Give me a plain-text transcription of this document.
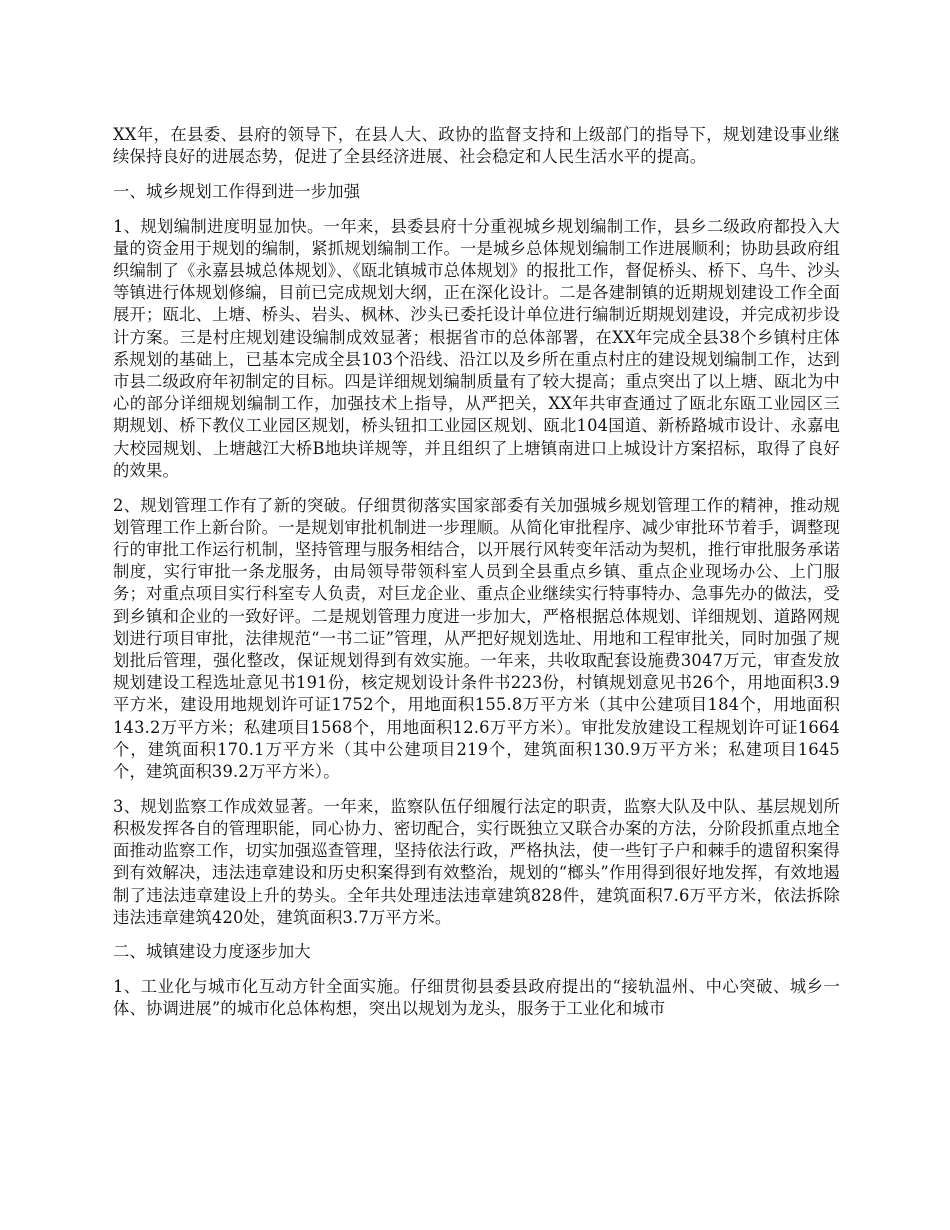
XX年，在县委、县府的领导下，在县人大、政协的监督支持和上级部门的指导下，规划建设事业继续保持良好的进展态势，促进了全县经济进展、社会稳定和人民生活水平的提高。

一、城乡规划工作得到进一步加强

1、规划编制进度明显加快。一年来，县委县府十分重视城乡规划编制工作，县乡二级政府都投入大量的资金用于规划的编制，紧抓规划编制工作。一是城乡总体规划编制工作进展顺利；协助县政府组织编制了《永嘉县城总体规划》、《瓯北镇城市总体规划》的报批工作，督促桥头、桥下、乌牛、沙头等镇进行体规划修编，目前已完成规划大纲，正在深化设计。二是各建制镇的近期规划建设工作全面展开；瓯北、上塘、桥头、岩头、枫林、沙头已委托设计单位进行编制近期规划建设，并完成初步设计方案。三是村庄规划建设编制成效显著；根据省市的总体部署，在XX年完成全县38个乡镇村庄体系规划的基础上，已基本完成全县103个沿线、沿江以及乡所在重点村庄的建设规划编制工作，达到市县二级政府年初制定的目标。四是详细规划编制质量有了较大提高；重点突出了以上塘、瓯北为中心的部分详细规划编制工作，加强技术上指导，从严把关，XX年共审查通过了瓯北东瓯工业园区三期规划、桥下教仪工业园区规划，桥头钮扣工业园区规划、瓯北104国道、新桥路城市设计、永嘉电大校园规划、上塘越江大桥B地块详规等，并且组织了上塘镇南进口上城设计方案招标，取得了良好的效果。

2、规划管理工作有了新的突破。仔细贯彻落实国家部委有关加强城乡规划管理工作的精神，推动规划管理工作上新台阶。一是规划审批机制进一步理顺。从简化审批程序、减少审批环节着手，调整现行的审批工作运行机制，坚持管理与服务相结合，以开展行风转变年活动为契机，推行审批服务承诺制度，实行审批一条龙服务，由局领导带领科室人员到全县重点乡镇、重点企业现场办公、上门服务；对重点项目实行科室专人负责，对巨龙企业、重点企业继续实行特事特办、急事先办的做法，受到乡镇和企业的一致好评。二是规划管理力度进一步加大，严格根据总体规划、详细规划、道路网规划进行项目审批，法律规范“一书二证”管理，从严把好规划选址、用地和工程审批关，同时加强了规划批后管理，强化整改，保证规划得到有效实施。一年来，共收取配套设施费3047万元，审查发放规划建设工程选址意见书191份，核定规划设计条件书223份，村镇规划意见书26个，用地面积3.9平方米，建设用地规划许可证1752个，用地面积155.8万平方米（其中公建项目184个，用地面积143.2万平方米；私建项目1568个，用地面积12.6万平方米）。审批发放建设工程规划许可证1664个，建筑面积170.1万平方米（其中公建项目219个，建筑面积130.9万平方米；私建项目1645个，建筑面积39.2万平方米）。

3、规划监察工作成效显著。一年来，监察队伍仔细履行法定的职责，监察大队及中队、基层规划所积极发挥各自的管理职能，同心协力、密切配合，实行既独立又联合办案的方法，分阶段抓重点地全面推动监察工作，切实加强巡查管理，坚持依法行政，严格执法，使一些钉子户和棘手的遗留积案得到有效解决，违法违章建设和历史积案得到有效整治，规划的“榔头”作用得到很好地发挥，有效地遏制了违法违章建设上升的势头。全年共处理违法违章建筑828件，建筑面积7.6万平方米，依法拆除违法违章建筑420处，建筑面积3.7万平方米。

二、城镇建设力度逐步加大

1、工业化与城市化互动方针全面实施。仔细贯彻县委县政府提出的“接轨温州、中心突破、城乡一体、协调进展”的城市化总体构想，突出以规划为龙头，服务于工业化和城市
